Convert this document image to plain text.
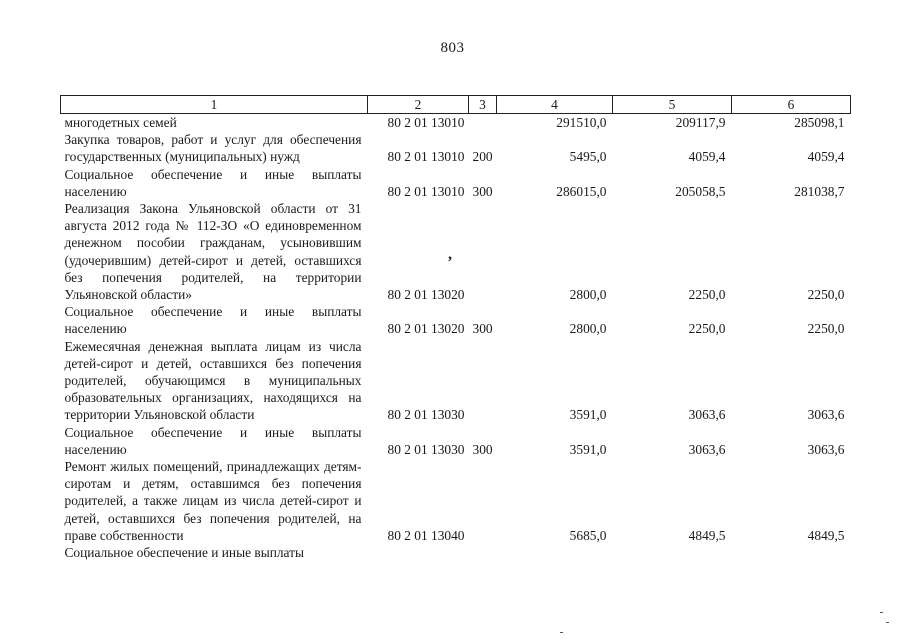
803
1	2	3	4	5	6
многодетных семей	80 2 01 13010		291510,0	209117,9	285098,1
Закупка товаров, работ и услуг для обеспечения государственных (муниципальных) нужд	80 2 01 13010	200	5495,0	4059,4	4059,4
Социальное обеспечение и иные выплаты населению	80 2 01 13010	300	286015,0	205058,5	281038,7
Реализация Закона Ульяновской области от 31 августа 2012 года № 112-ЗО «О единовременном денежном пособии гражданам, усыновившим (удочерившим) детей-сирот и детей, оставшихся без попечения родителей, на территории Ульяновской области»	80 2 01 13020		2800,0	2250,0	2250,0
Социальное обеспечение и иные выплаты населению	80 2 01 13020	300	2800,0	2250,0	2250,0
Ежемесячная денежная выплата лицам из числа детей-сирот и детей, оставшихся без попечения родителей, обучающимся в муниципальных образовательных организациях, находящихся на территории Ульяновской области	80 2 01 13030		3591,0	3063,6	3063,6
Социальное обеспечение и иные выплаты населению	80 2 01 13030	300	3591,0	3063,6	3063,6
Ремонт жилых помещений, принадлежащих детям-сиротам и детям, оставшимся без попечения родителей, а также лицам из числа детей-сирот и детей, оставшихся без попечения родителей, на праве собственности	80 2 01 13040		5685,0	4849,5	4849,5
Социальное обеспечение и иные выплаты					
,
